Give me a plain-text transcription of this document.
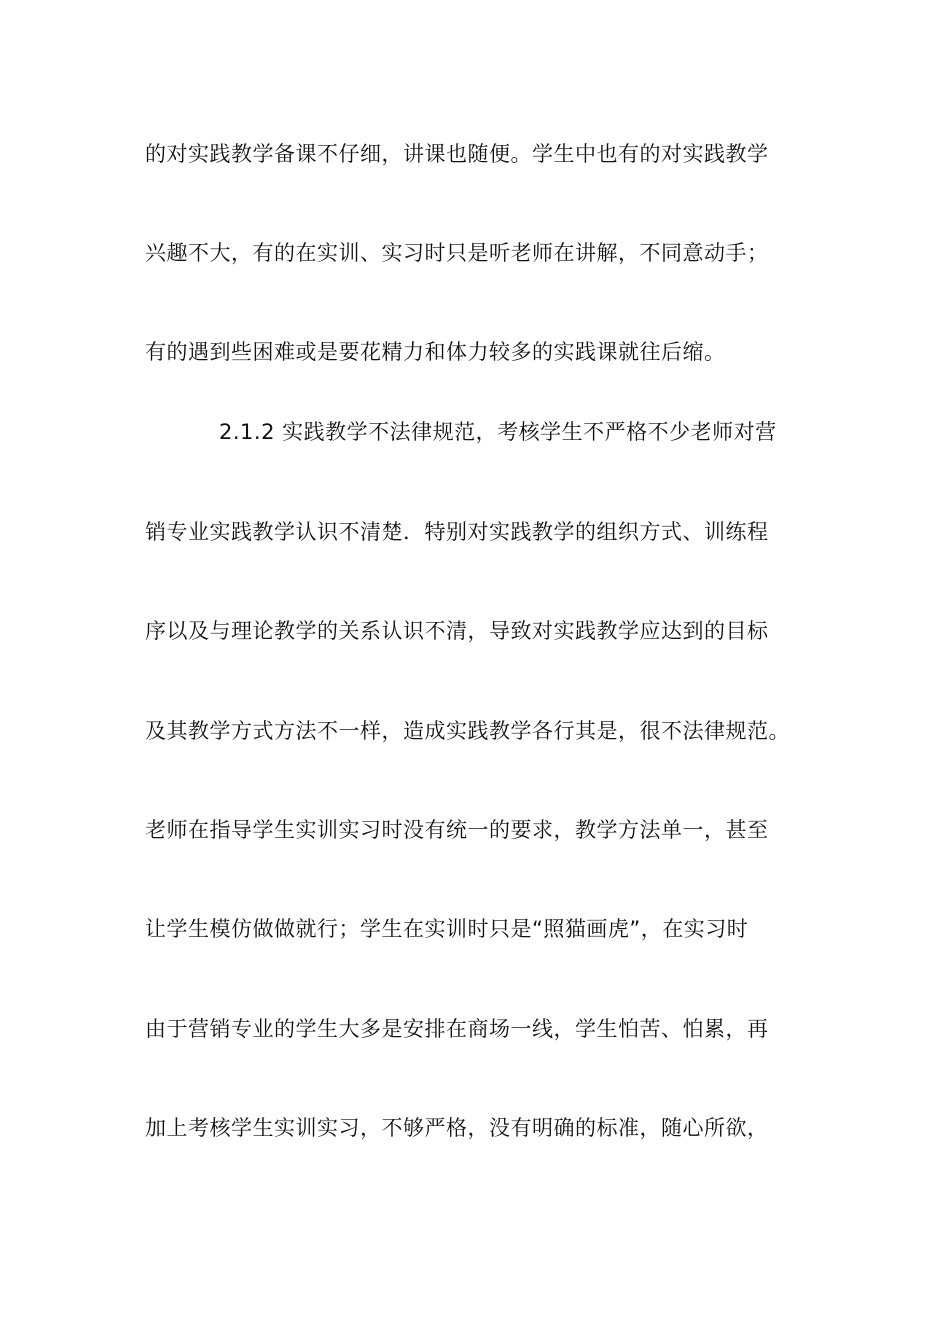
的对实践教学备课不仔细，讲课也随便。学生中也有的对实践教学

兴趣不大，有的在实训、实习时只是听老师在讲解，不同意动手；

有的遇到些困难或是要花精力和体力较多的实践课就往后缩。

2.1.2 实践教学不法律规范，考核学生不严格不少老师对营

销专业实践教学认识不清楚．特别对实践教学的组织方式、训练程

序以及与理论教学的关系认识不清，导致对实践教学应达到的目标

及其教学方式方法不一样，造成实践教学各行其是，很不法律规范。

老师在指导学生实训实习时没有统一的要求，教学方法单一，甚至

让学生模仿做做就行；学生在实训时只是“照猫画虎”，在实习时

由于营销专业的学生大多是安排在商场一线，学生怕苦、怕累，再

加上考核学生实训实习，不够严格，没有明确的标准，随心所欲，
